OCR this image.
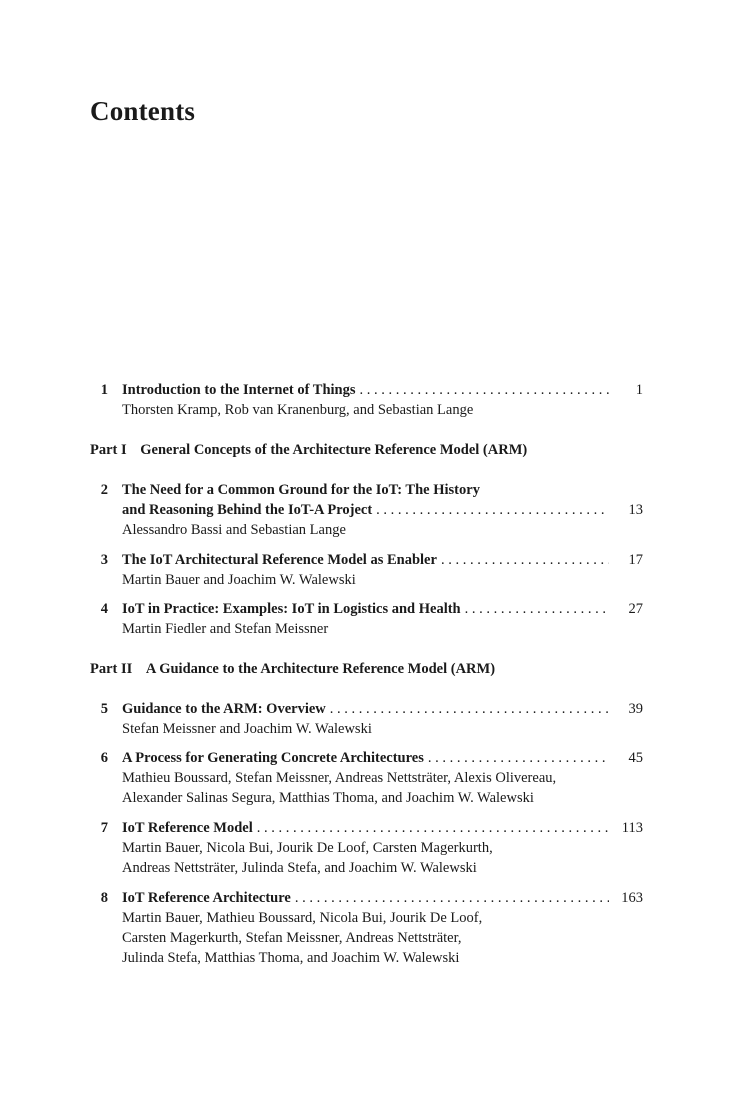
Contents
1 Introduction to the Internet of Things . . .	1
Thorsten Kramp, Rob van Kranenburg, and Sebastian Lange
Part I General Concepts of the Architecture Reference Model (ARM)
2 The Need for a Common Ground for the IoT: The History
and Reasoning Behind the IoT-A Project . . .	13
Alessandro Bassi and Sebastian Lange
3 The IoT Architectural Reference Model as Enabler . . .	17
Martin Bauer and Joachim W. Walewski
4 IoT in Practice: Examples: IoT in Logistics and Health . . .	27
Martin Fiedler and Stefan Meissner
Part II A Guidance to the Architecture Reference Model (ARM)
5 Guidance to the ARM: Overview . . .	39
Stefan Meissner and Joachim W. Walewski
6 A Process for Generating Concrete Architectures . . .	45
Mathieu Boussard, Stefan Meissner, Andreas Nettsträter, Alexis Olivereau,
Alexander Salinas Segura, Matthias Thoma, and Joachim W. Walewski
7 IoT Reference Model . . .	113
Martin Bauer, Nicola Bui, Jourik De Loof, Carsten Magerkurth,
Andreas Nettsträter, Julinda Stefa, and Joachim W. Walewski
8 IoT Reference Architecture . . .	163
Martin Bauer, Mathieu Boussard, Nicola Bui, Jourik De Loof,
Carsten Magerkurth, Stefan Meissner, Andreas Nettsträter,
Julinda Stefa, Matthias Thoma, and Joachim W. Walewski
